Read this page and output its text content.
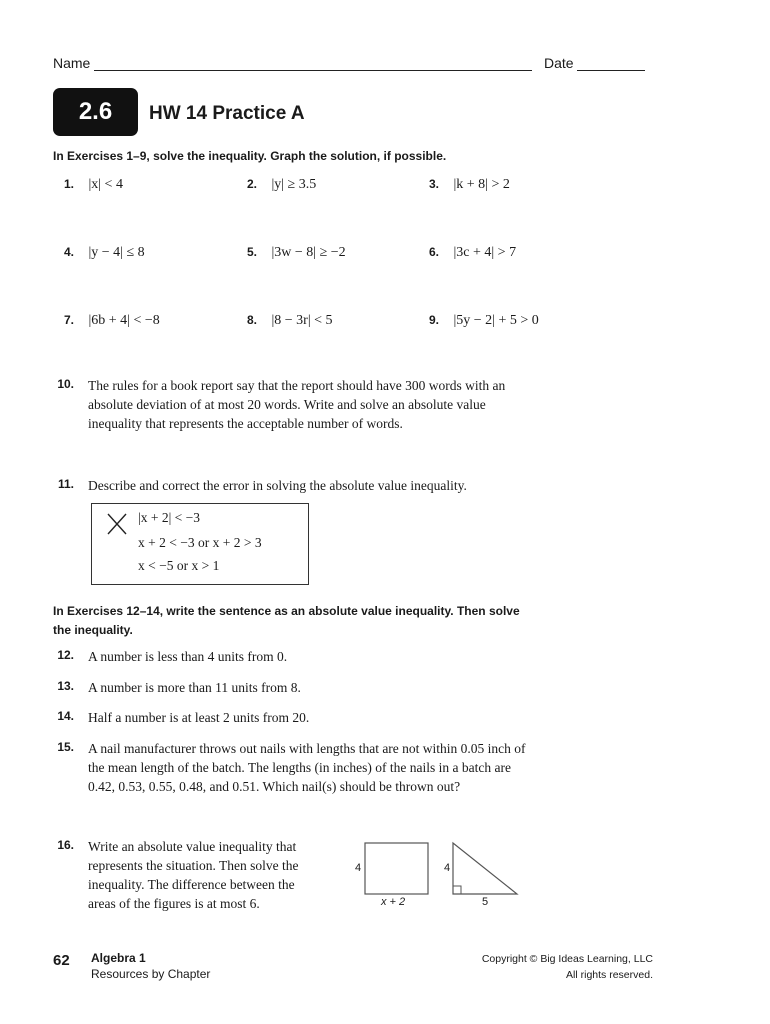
Name	Date
2.6	HW 14 Practice A
In Exercises 1–9, solve the inequality. Graph the solution, if possible.
1. |x| < 4	2. |y| ≥ 3.5	3. |k + 8| > 2
4. |y − 4| ≤ 8	5. |3w − 8| ≥ −2	6. |3c + 4| > 7
7. |6b + 4| < −8	8. |8 − 3r| < 5	9. |5y − 2| + 5 > 0
10. The rules for a book report say that the report should have 300 words with an
absolute deviation of at most 20 words. Write and solve an absolute value
inequality that represents the acceptable number of words.
11. Describe and correct the error in solving the absolute value inequality.
|x + 2| < −3
x + 2 < −3 or x + 2 > 3
x < −5 or x > 1
In Exercises 12–14, write the sentence as an absolute value inequality. Then solve
the inequality.
12. A number is less than 4 units from 0.
13. A number is more than 11 units from 8.
14. Half a number is at least 2 units from 20.
15. A nail manufacturer throws out nails with lengths that are not within 0.05 inch of
the mean length of the batch. The lengths (in inches) of the nails in a batch are
0.42, 0.53, 0.55, 0.48, and 0.51. Which nail(s) should be thrown out?
16. Write an absolute value inequality that
represents the situation. Then solve the
inequality. The difference between the
areas of the figures is at most 6.
4
x + 2
4
5
62 Algebra 1
Resources by Chapter
Copyright © Big Ideas Learning, LLC
All rights reserved.
